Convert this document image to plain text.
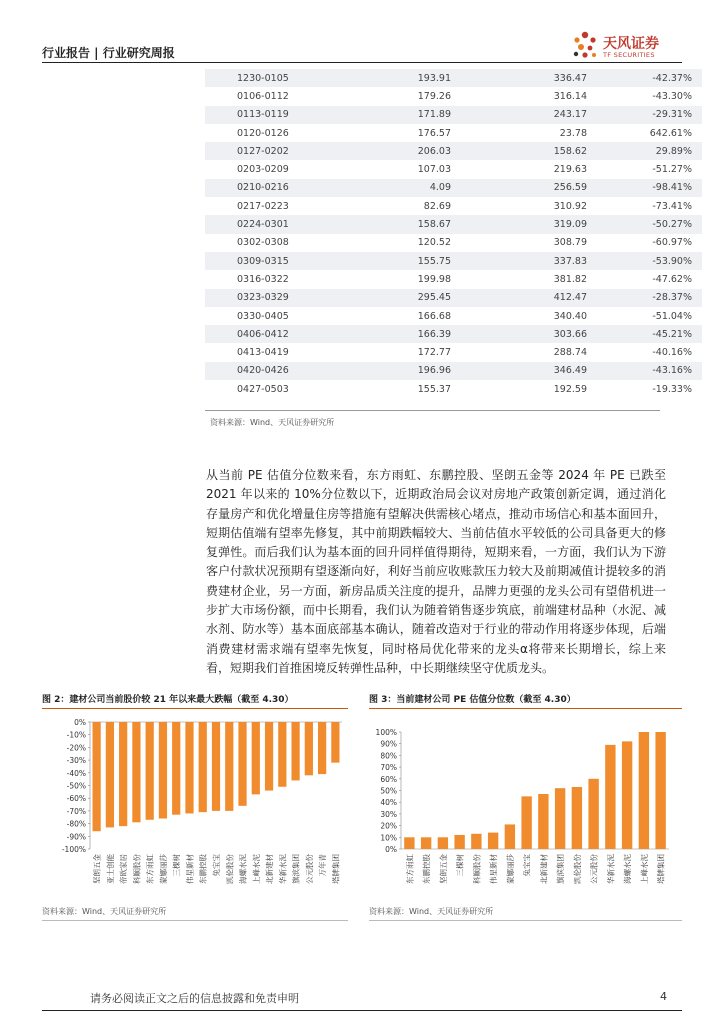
行业报告 | 行业研究周报
天风证券
TF SECURITIES
1230-0105	193.91	336.47	-42.37%
0106-0112	179.26	316.14	-43.30%
0113-0119	171.89	243.17	-29.31%
0120-0126	176.57	23.78	642.61%
0127-0202	206.03	158.62	29.89%
0203-0209	107.03	219.63	-51.27%
0210-0216	4.09	256.59	-98.41%
0217-0223	82.69	310.92	-73.41%
0224-0301	158.67	319.09	-50.27%
0302-0308	120.52	308.79	-60.97%
0309-0315	155.75	337.83	-53.90%
0316-0322	199.98	381.82	-47.62%
0323-0329	295.45	412.47	-28.37%
0330-0405	166.68	340.40	-51.04%
0406-0412	166.39	303.66	-45.21%
0413-0419	172.77	288.74	-40.16%
0420-0426	196.96	346.49	-43.16%
0427-0503	155.37	192.59	-19.33%
资料来源：Wind、天风证券研究所

从当前 PE 估值分位数来看，东方雨虹、东鹏控股、坚朗五金等 2024 年 PE 已跌至 2021 年以来的 10%分位数以下，近期政治局会议对房地产政策创新定调，通过消化存量房产和优化增量住房等措施有望解决供需核心堵点，推动市场信心和基本面回升，短期估值端有望率先修复，其中前期跌幅较大、当前估值水平较低的公司具备更大的修复弹性。而后我们认为基本面的回升同样值得期待，短期来看，一方面，我们认为下游客户付款状况预期有望逐渐向好，利好当前应收账款压力较大及前期减值计提较多的消费建材企业，另一方面，新房品质关注度的提升，品牌力更强的龙头公司有望借机进一步扩大市场份额，而中长期看，我们认为随着销售逐步筑底，前端建材品种（水泥、减水剂、防水等）基本面底部基本确认，随着改造对于行业的带动作用将逐步体现，后端消费建材需求端有望率先恢复，同时格局优化带来的龙头α将带来长期增长，综上来看，短期我们首推困境反转弹性品种，中长期继续坚守优质龙头。

图 2：建材公司当前股价较 21 年以来最大跌幅（截至 4.30）
0%
-10%
-20%
-30%
-40%
-50%
-60%
-70%
-80%
-90%
-100%
坚朗五金 亚士创能 帝欧家居 科顺股份 东方雨虹 蒙娜丽莎 三棵树 伟星新材 东鹏控股 兔宝宝 凯伦股份 海螺水泥 上峰水泥 北新建材 华新水泥 旗滨集团 公元股份 万年青 塔牌集团
资料来源：Wind、天风证券研究所
图 3：当前建材公司 PE 估值分位数（截至 4.30）
100%
90%
80%
70%
60%
50%
40%
30%
20%
10%
0%
东方雨虹 东鹏控股 坚朗五金 三棵树 科顺股份 伟星新材 蒙娜丽莎 兔宝宝 北新建材 旗滨集团 凯伦股份 公元股份 华新水泥 海螺水泥 上峰水泥 塔牌集团
资料来源：Wind、天风证券研究所
请务必阅读正文之后的信息披露和免责申明	4
